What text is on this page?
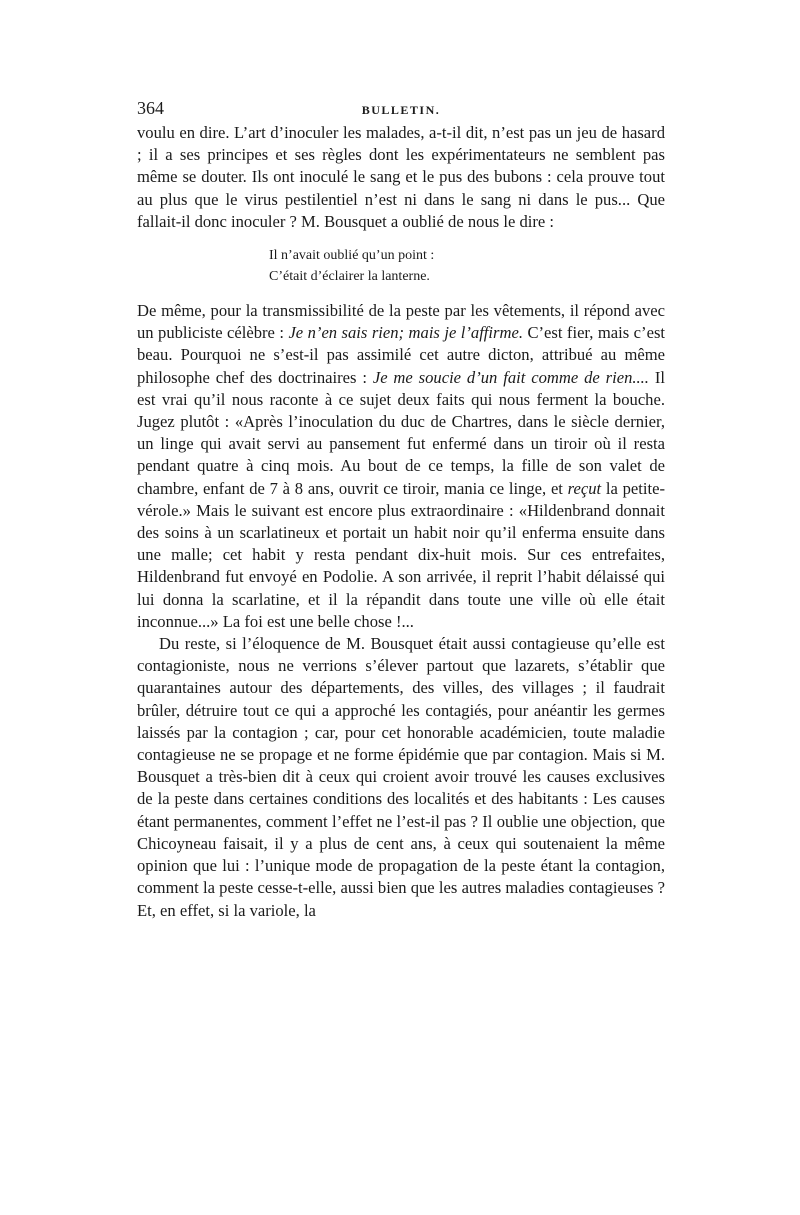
364	BULLETIN.

voulu en dire. L’art d’inoculer les malades, a-t-il dit, n’est pas un jeu de hasard ; il a ses principes et ses règles dont les expérimentateurs ne semblent pas même se douter. Ils ont inoculé le sang et le pus des bubons : cela prouve tout au plus que le virus pestilentiel n’est ni dans le sang ni dans le pus... Que fallait-il donc inoculer ? M. Bousquet a oublié de nous le dire :

Il n’avait oublié qu’un point :
C’était d’éclairer la lanterne.

De même, pour la transmissibilité de la peste par les vêtements, il répond avec un publiciste célèbre : Je n’en sais rien; mais je l’affirme. C’est fier, mais c’est beau. Pourquoi ne s’est-il pas assimilé cet autre dicton, attribué au même philosophe chef des doctrinaires : Je me soucie d’un fait comme de rien.... Il est vrai qu’il nous raconte à ce sujet deux faits qui nous ferment la bouche. Jugez plutôt : «Après l’inoculation du duc de Chartres, dans le siècle dernier, un linge qui avait servi au pansement fut enfermé dans un tiroir où il resta pendant quatre à cinq mois. Au bout de ce temps, la fille de son valet de chambre, enfant de 7 à 8 ans, ouvrit ce tiroir, mania ce linge, et reçut la petite-vérole.» Mais le suivant est encore plus extraordinaire : «Hildenbrand donnait des soins à un scarlatineux et portait un habit noir qu’il enferma ensuite dans une malle; cet habit y resta pendant dix-huit mois. Sur ces entrefaites, Hildenbrand fut envoyé en Podolie. A son arrivée, il reprit l’habit délaissé qui lui donna la scarlatine, et il la répandit dans toute une ville où elle était inconnue...» La foi est une belle chose !...

Du reste, si l’éloquence de M. Bousquet était aussi contagieuse qu’elle est contagioniste, nous ne verrions s’élever partout que lazarets, s’établir que quarantaines autour des départements, des villes, des villages ; il faudrait brûler, détruire tout ce qui a approché les contagiés, pour anéantir les germes laissés par la contagion ; car, pour cet honorable académicien, toute maladie contagieuse ne se propage et ne forme épidémie que par contagion. Mais si M. Bousquet a très-bien dit à ceux qui croient avoir trouvé les causes exclusives de la peste dans certaines conditions des localités et des habitants : Les causes étant permanentes, comment l’effet ne l’est-il pas ? Il oublie une objection, que Chicoyneau faisait, il y a plus de cent ans, à ceux qui soutenaient la même opinion que lui : l’unique mode de propagation de la peste étant la contagion, comment la peste cesse-t-elle, aussi bien que les autres maladies contagieuses ? Et, en effet, si la variole, la
